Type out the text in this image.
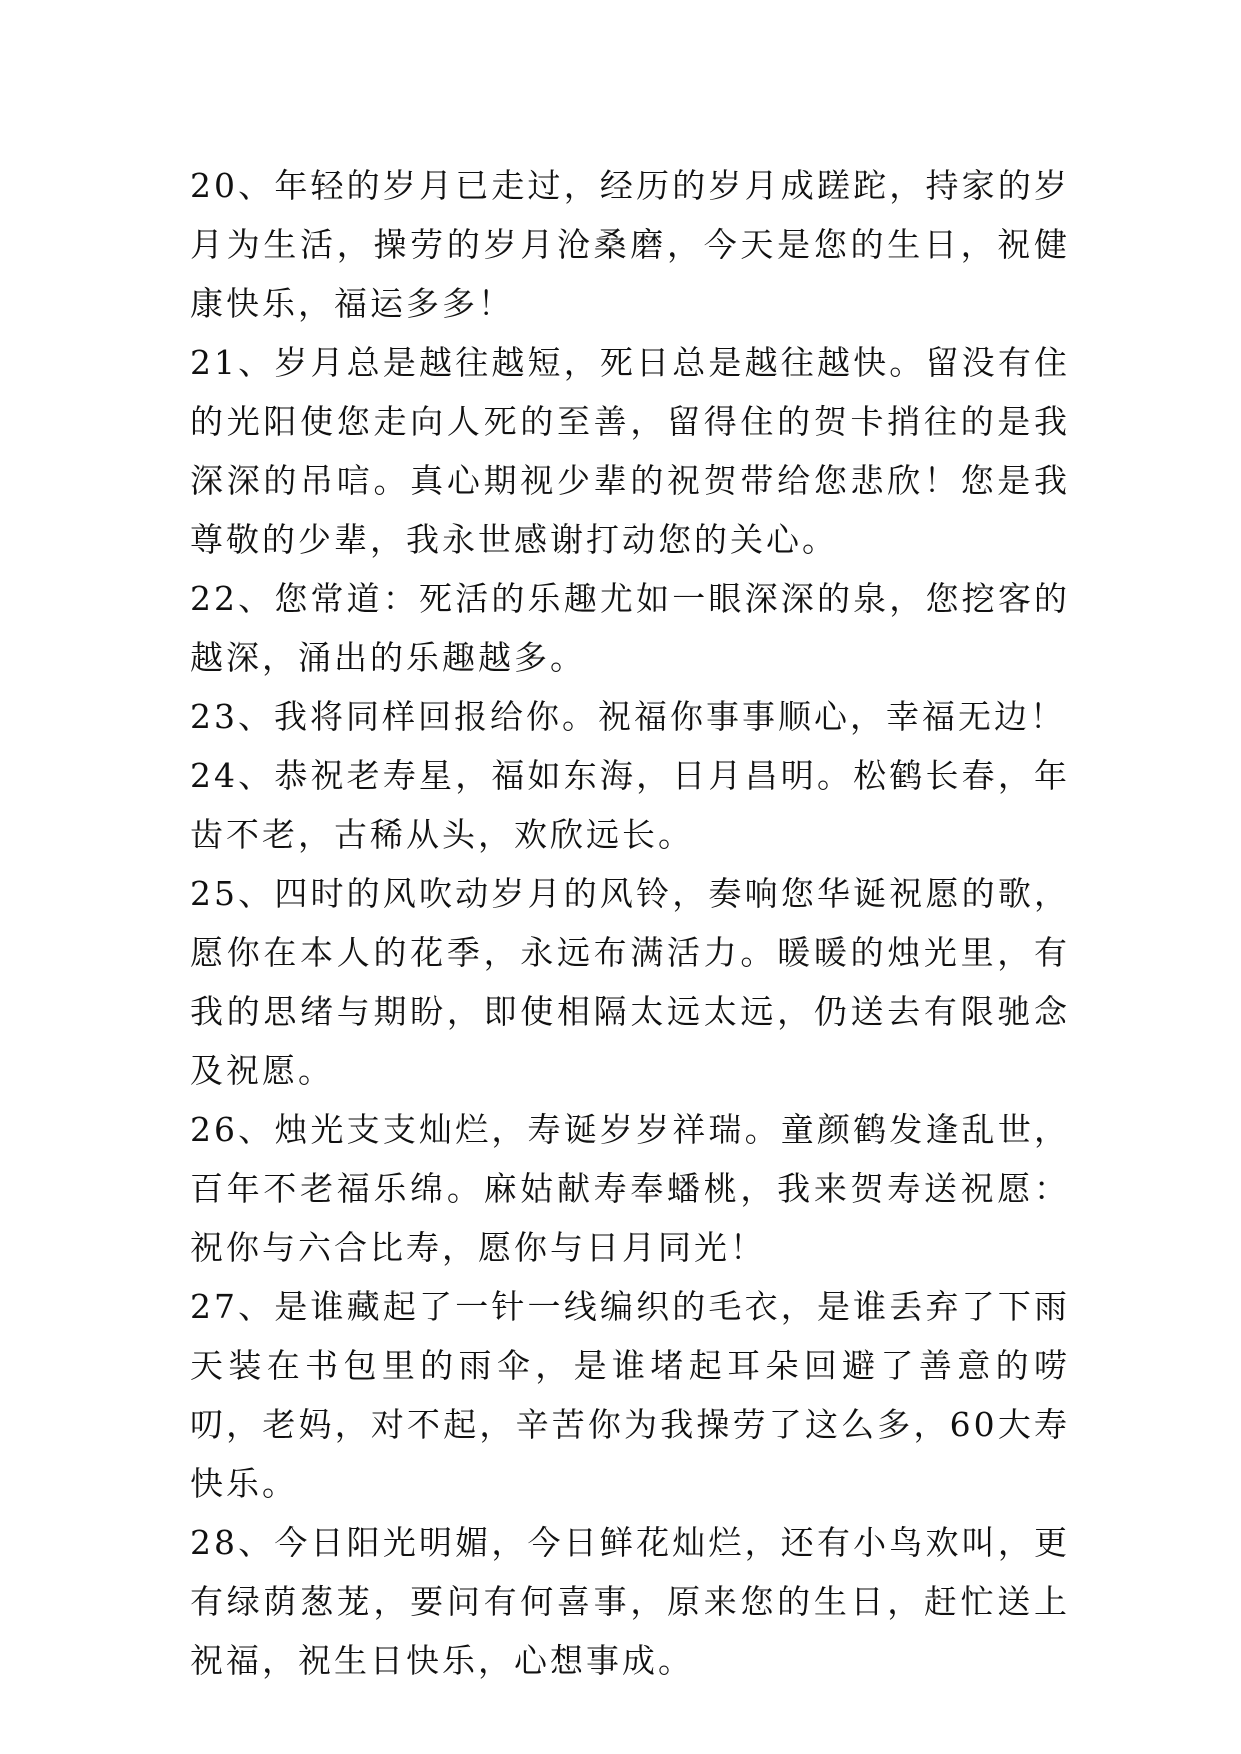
20、年轻的岁月已走过，经历的岁月成蹉跎，持家的岁月为生活，操劳的岁月沧桑磨，今天是您的生日，祝健康快乐，福运多多！

21、岁月总是越往越短，死日总是越往越快。留没有住的光阳使您走向人死的至善，留得住的贺卡捎往的是我深深的吊唁。真心期视少辈的祝贺带给您悲欣！您是我尊敬的少辈，我永世感谢打动您的关心。

22、您常道：死活的乐趣尤如一眼深深的泉，您挖客的越深，涌出的乐趣越多。

23、我将同样回报给你。祝福你事事顺心，幸福无边！

24、恭祝老寿星，福如东海，日月昌明。松鹤长春，年齿不老，古稀从头，欢欣远长。

25、四时的风吹动岁月的风铃，奏响您华诞祝愿的歌，愿你在本人的花季，永远布满活力。暖暖的烛光里，有我的思绪与期盼，即使相隔太远太远，仍送去有限驰念及祝愿。

26、烛光支支灿烂，寿诞岁岁祥瑞。童颜鹤发逢乱世，百年不老福乐绵。麻姑献寿奉蟠桃，我来贺寿送祝愿：祝你与六合比寿，愿你与日月同光！

27、是谁藏起了一针一线编织的毛衣，是谁丢弃了下雨天装在书包里的雨伞，是谁堵起耳朵回避了善意的唠叨，老妈，对不起，辛苦你为我操劳了这么多，60大寿快乐。

28、今日阳光明媚，今日鲜花灿烂，还有小鸟欢叫，更有绿荫葱茏，要问有何喜事，原来您的生日，赶忙送上祝福，祝生日快乐，心想事成。
